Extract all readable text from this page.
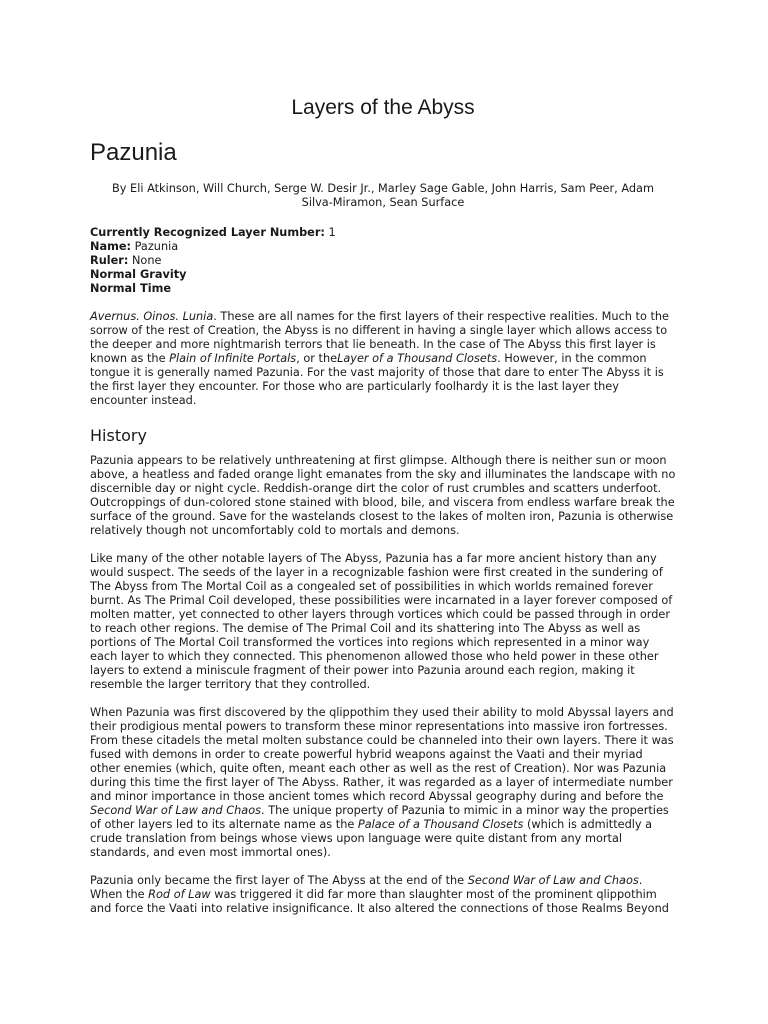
Layers of the Abyss
Pazunia
By Eli Atkinson, Will Church, Serge W. Desir Jr., Marley Sage Gable, John Harris, Sam Peer, Adam Silva-Miramon, Sean Surface
Currently Recognized Layer Number: 1
Name: Pazunia
Ruler: None
Normal Gravity
Normal Time

Avernus. Oinos. Lunia. These are all names for the first layers of their respective realities. Much to the sorrow of the rest of Creation, the Abyss is no different in having a single layer which allows access to the deeper and more nightmarish terrors that lie beneath. In the case of The Abyss this first layer is known as the Plain of Infinite Portals, or theLayer of a Thousand Closets. However, in the common tongue it is generally named Pazunia. For the vast majority of those that dare to enter The Abyss it is the first layer they encounter. For those who are particularly foolhardy it is the last layer they encounter instead.

History

Pazunia appears to be relatively unthreatening at first glimpse. Although there is neither sun or moon above, a heatless and faded orange light emanates from the sky and illuminates the landscape with no discernible day or night cycle. Reddish-orange dirt the color of rust crumbles and scatters underfoot. Outcroppings of dun-colored stone stained with blood, bile, and viscera from endless warfare break the surface of the ground. Save for the wastelands closest to the lakes of molten iron, Pazunia is otherwise relatively though not uncomfortably cold to mortals and demons.

Like many of the other notable layers of The Abyss, Pazunia has a far more ancient history than any would suspect. The seeds of the layer in a recognizable fashion were first created in the sundering of The Abyss from The Mortal Coil as a congealed set of possibilities in which worlds remained forever burnt. As The Primal Coil developed, these possibilities were incarnated in a layer forever composed of molten matter, yet connected to other layers through vortices which could be passed through in order to reach other regions. The demise of The Primal Coil and its shattering into The Abyss as well as portions of The Mortal Coil transformed the vortices into regions which represented in a minor way each layer to which they connected. This phenomenon allowed those who held power in these other layers to extend a miniscule fragment of their power into Pazunia around each region, making it resemble the larger territory that they controlled.

When Pazunia was first discovered by the qlippothim they used their ability to mold Abyssal layers and their prodigious mental powers to transform these minor representations into massive iron fortresses. From these citadels the metal molten substance could be channeled into their own layers. There it was fused with demons in order to create powerful hybrid weapons against the Vaati and their myriad other enemies (which, quite often, meant each other as well as the rest of Creation). Nor was Pazunia during this time the first layer of The Abyss. Rather, it was regarded as a layer of intermediate number and minor importance in those ancient tomes which record Abyssal geography during and before the Second War of Law and Chaos. The unique property of Pazunia to mimic in a minor way the properties of other layers led to its alternate name as the Palace of a Thousand Closets (which is admittedly a crude translation from beings whose views upon language were quite distant from any mortal standards, and even most immortal ones).

Pazunia only became the first layer of The Abyss at the end of the Second War of Law and Chaos. When the Rod of Law was triggered it did far more than slaughter most of the prominent qlippothim and force the Vaati into relative insignificance. It also altered the connections of those Realms Beyond
